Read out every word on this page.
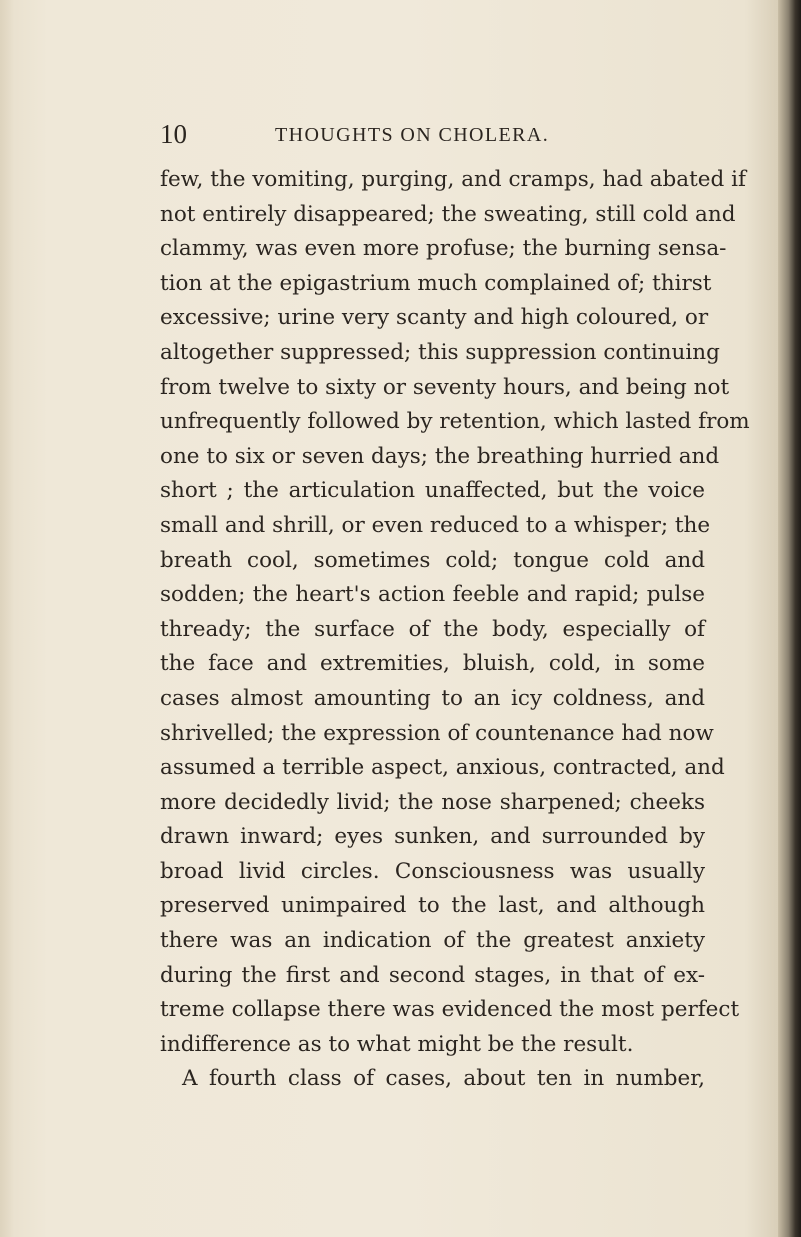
10	THOUGHTS ON CHOLERA.
few, the vomiting, purging, and cramps, had abated if
not entirely disappeared; the sweating, still cold and
clammy, was even more profuse; the burning sensa-
tion at the epigastrium much complained of; thirst
excessive; urine very scanty and high coloured, or
altogether suppressed; this suppression continuing
from twelve to sixty or seventy hours, and being not
unfrequently followed by retention, which lasted from
one to six or seven days; the breathing hurried and
short ; the articulation unaffected, but the voice
small and shrill, or even reduced to a whisper; the
breath cool, sometimes cold; tongue cold and
sodden; the heart's action feeble and rapid; pulse
thready; the surface of the body, especially of
the face and extremities, bluish, cold, in some
cases almost amounting to an icy coldness, and
shrivelled; the expression of countenance had now
assumed a terrible aspect, anxious, contracted, and
more decidedly livid; the nose sharpened; cheeks
drawn inward; eyes sunken, and surrounded by
broad livid circles. Consciousness was usually
preserved unimpaired to the last, and although
there was an indication of the greatest anxiety
during the first and second stages, in that of ex-
treme collapse there was evidenced the most perfect
indifference as to what might be the result.
A fourth class of cases, about ten in number,
